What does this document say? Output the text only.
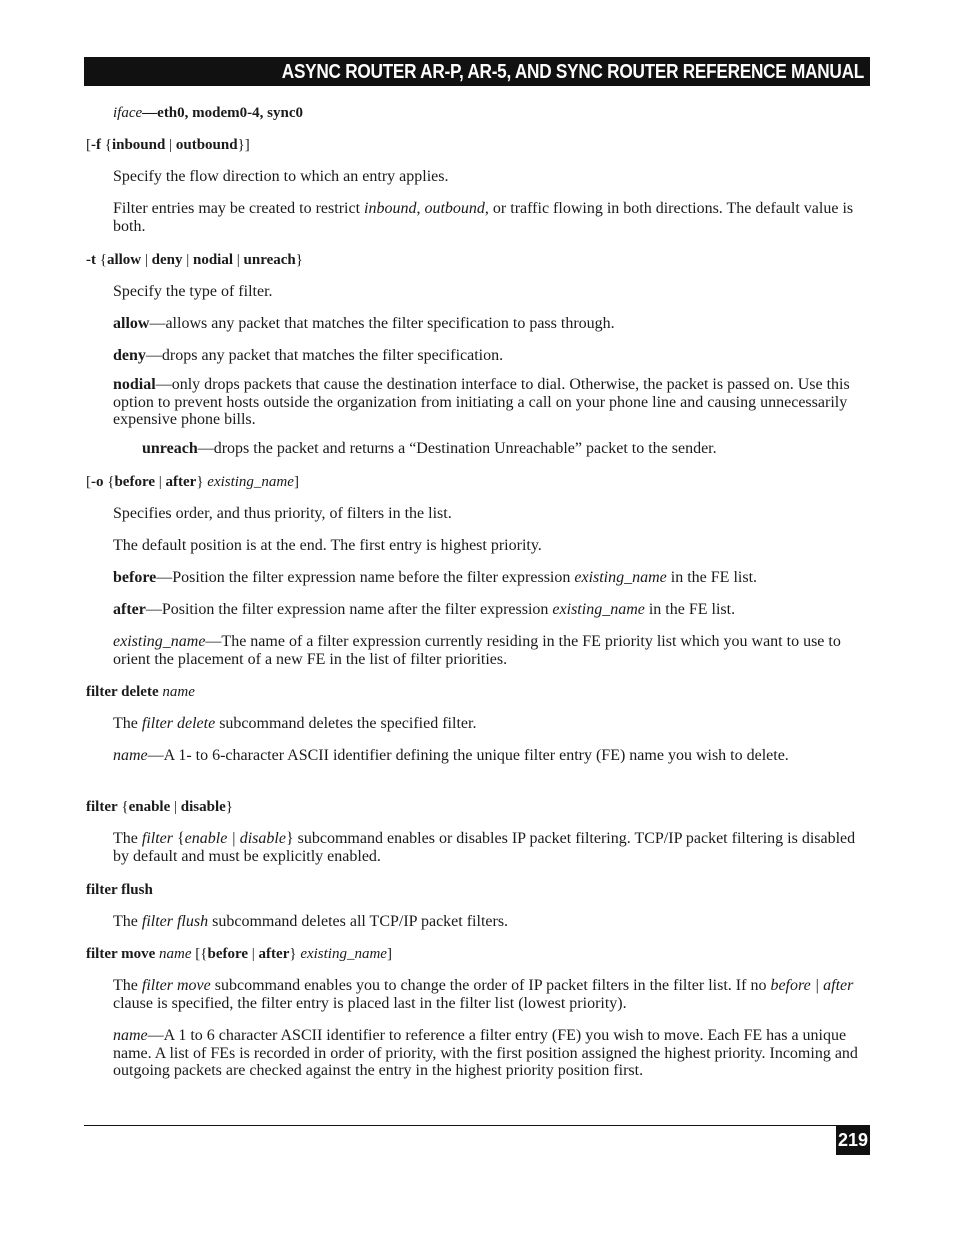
ASYNC ROUTER AR-P, AR-5, AND SYNC ROUTER REFERENCE MANUAL
iface—eth0, modem0-4, sync0
[-f {inbound | outbound}]
Specify the flow direction to which an entry applies.
Filter entries may be created to restrict inbound, outbound, or traffic flowing in both directions. The default value is both.
-t {allow | deny | nodial | unreach}
Specify the type of filter.
allow—allows any packet that matches the filter specification to pass through.
deny—drops any packet that matches the filter specification.
nodial—only drops packets that cause the destination interface to dial. Otherwise, the packet is passed on. Use this option to prevent hosts outside the organization from initiating a call on your phone line and causing unnecessarily expensive phone bills.
unreach—drops the packet and returns a “Destination Unreachable” packet to the sender.
[-o {before | after} existing_name]
Specifies order, and thus priority, of filters in the list.
The default position is at the end. The first entry is highest priority.
before—Position the filter expression name before the filter expression existing_name in the FE list.
after—Position the filter expression name after the filter expression existing_name in the FE list.
existing_name—The name of a filter expression currently residing in the FE priority list which you want to use to orient the placement of a new FE in the list of filter priorities.
filter delete name
The filter delete subcommand deletes the specified filter.
name—A 1- to 6-character ASCII identifier defining the unique filter entry (FE) name you wish to delete.
filter {enable | disable}
The filter {enable | disable} subcommand enables or disables IP packet filtering. TCP/IP packet filtering is disabled by default and must be explicitly enabled.
filter flush
The filter flush subcommand deletes all TCP/IP packet filters.
filter move name [{before | after} existing_name]
The filter move subcommand enables you to change the order of IP packet filters in the filter list. If no before | after clause is specified, the filter entry is placed last in the filter list (lowest priority).
name—A 1 to 6 character ASCII identifier to reference a filter entry (FE) you wish to move. Each FE has a unique name. A list of FEs is recorded in order of priority, with the first position assigned the highest priority. Incoming and outgoing packets are checked against the entry in the highest priority position first.
219
